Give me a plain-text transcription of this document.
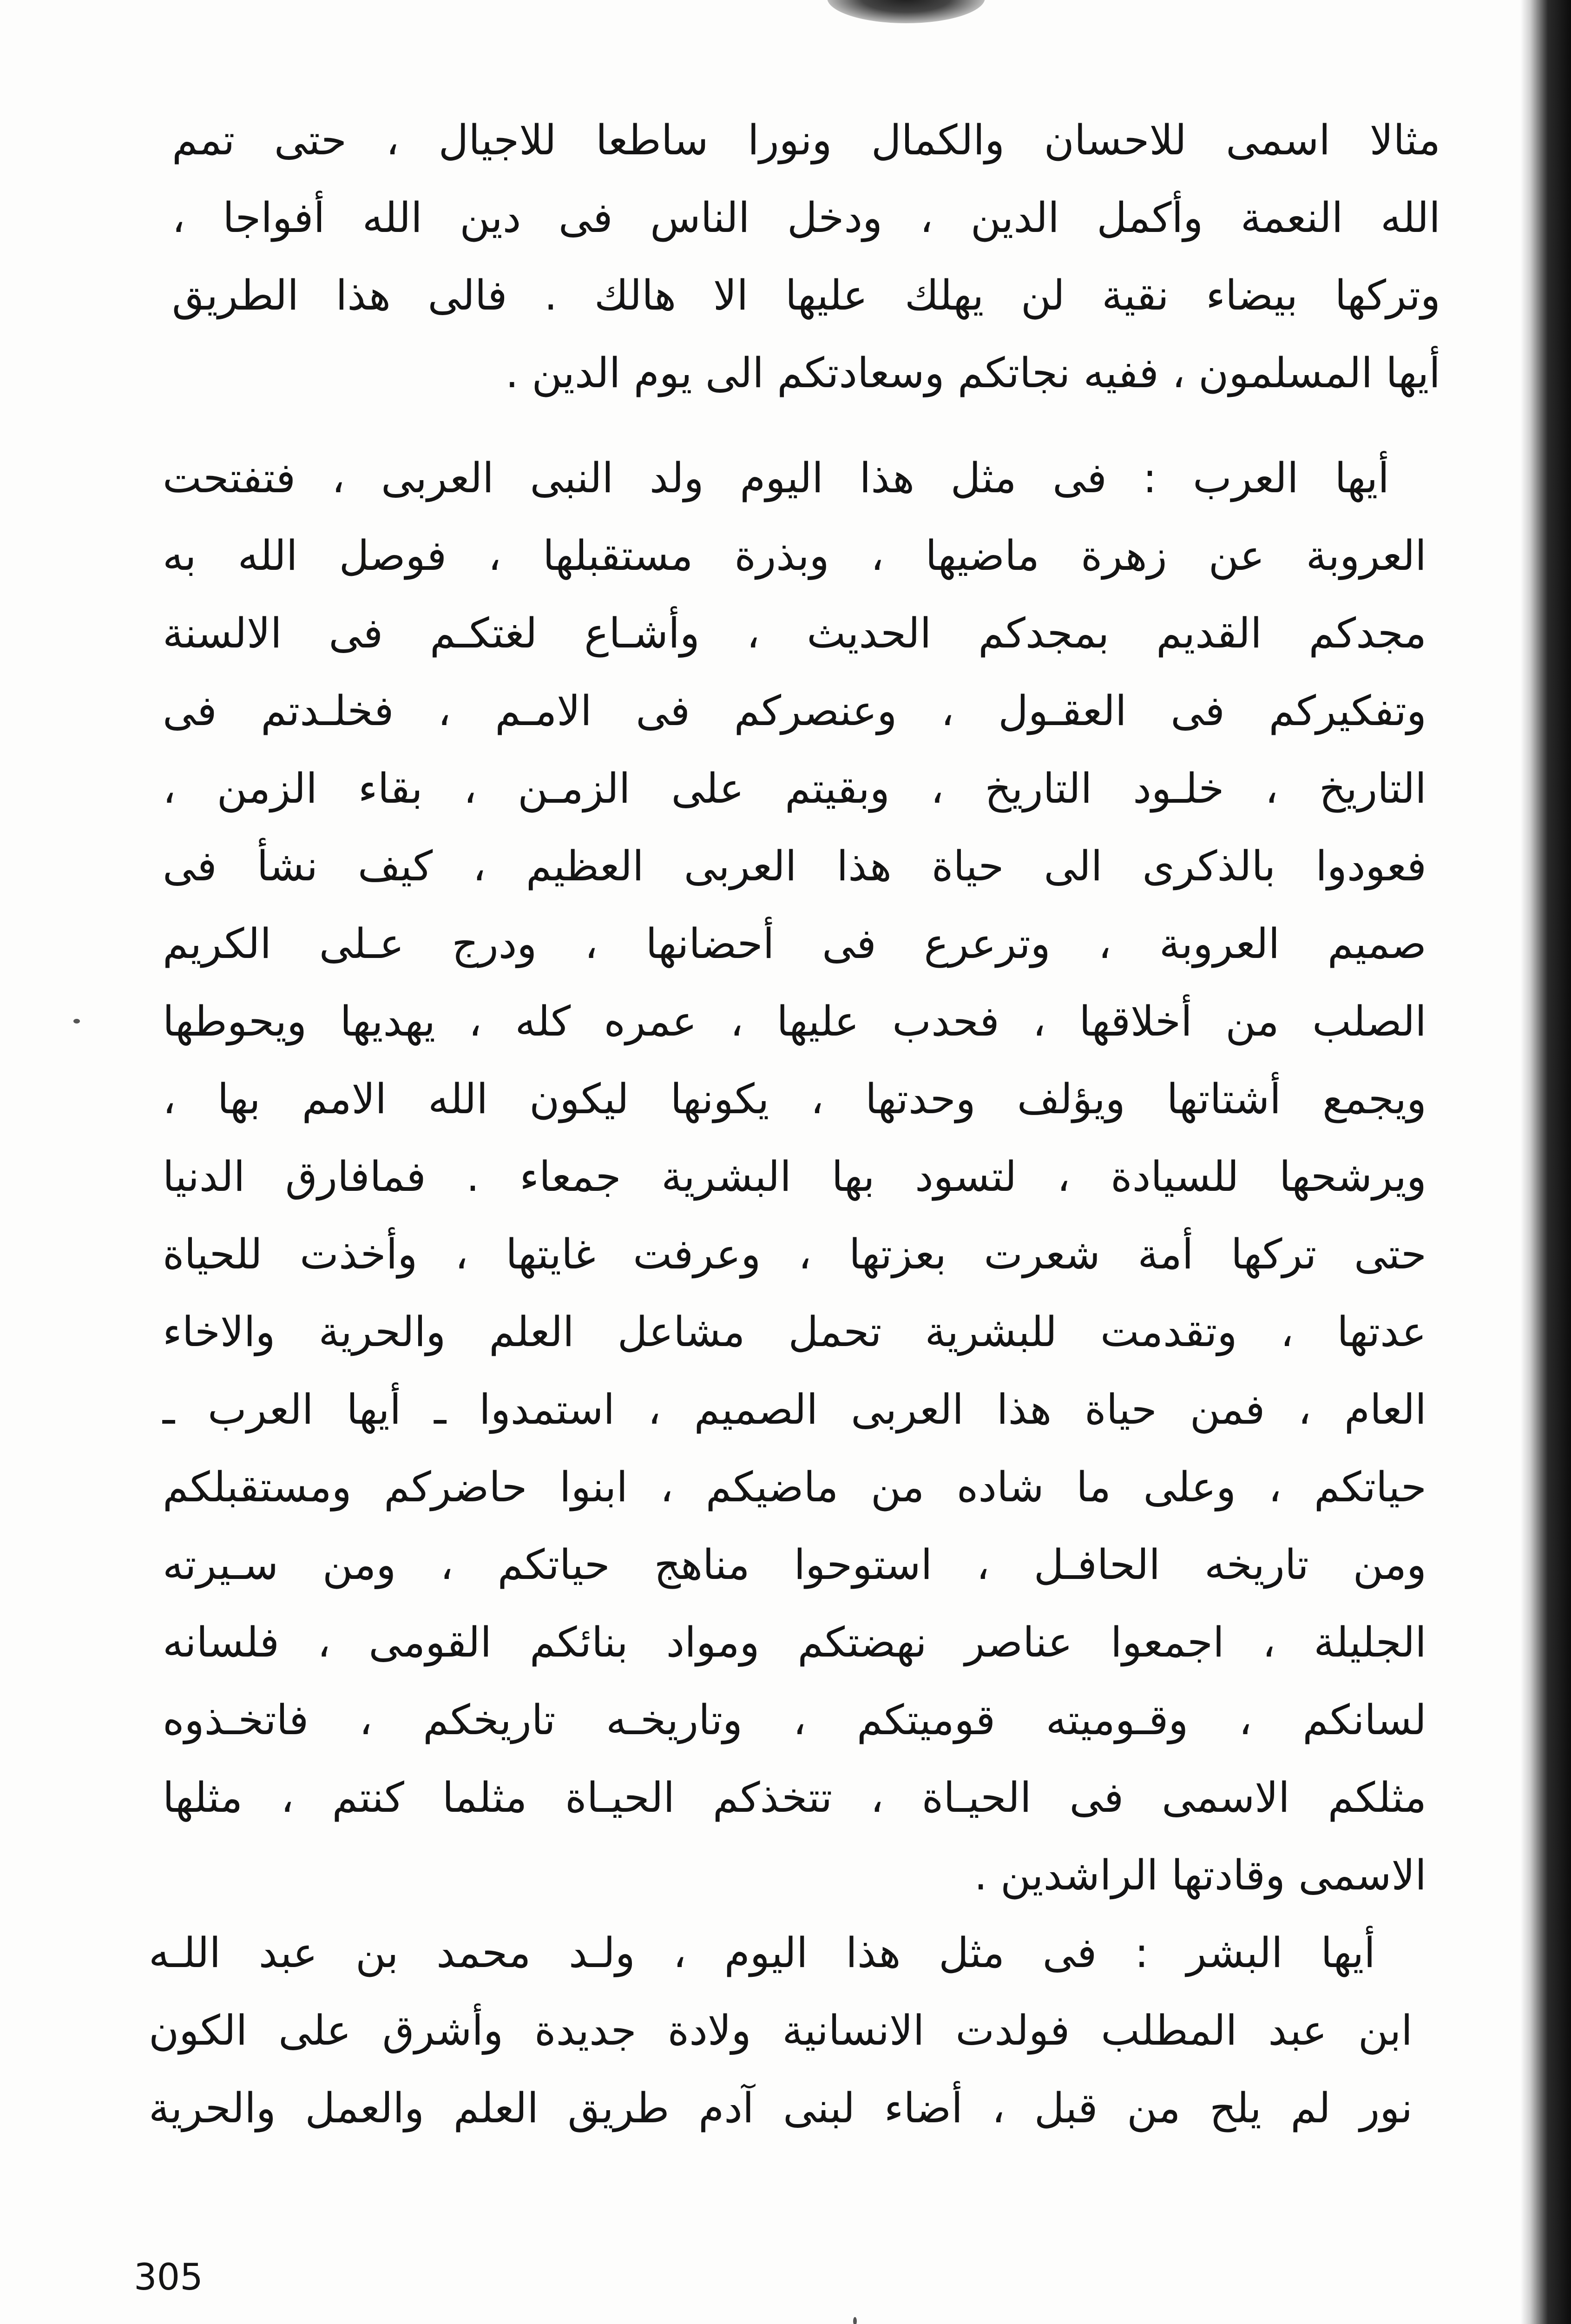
مثالا اسمى للاحسان والكمال ونورا ساطعا للاجيال ، حتى تمم
الله النعمة وأكمل الدين ، ودخل الناس فى دين الله أفواجا ،
وتركها بيضاء نقية لن يهلك عليها الا هالك . فالى هذا الطريق
أيها المسلمون ، ففيه نجاتكم وسعادتكم الى يوم الدين .

أيها العرب : فى مثل هذا اليوم ولد النبى العربى ، فتفتحت
العروبة عن زهرة ماضيها ، وبذرة مستقبلها ، فوصل الله به
مجدكم القديم بمجدكم الحديث ، وأشـاع لغتكـم فى الالسنة
وتفكيركم فى العقـول ، وعنصركم فى الامـم ، فخلـدتم فى
التاريخ ، خلـود التاريخ ، وبقيتم على الزمـن ، بقاء الزمن ،
فعودوا بالذكرى الى حياة هذا العربى العظيم ، كيف نشأ فى
صميم العروبة ، وترعرع فى أحضانها ، ودرج عـلى الكريم
الصلب من أخلاقها ، فحدب عليها ، عمره كله ، يهديها ويحوطها
ويجمع أشتاتها ويؤلف وحدتها ، يكونها ليكون الله الامم بها ،
ويرشحها للسيادة ، لتسود بها البشرية جمعاء . فمافارق الدنيا
حتى تركها أمة شعرت بعزتها ، وعرفت غايتها ، وأخذت للحياة
عدتها ، وتقدمت للبشرية تحمل مشاعل العلم والحرية والاخاء
العام ، فمن حياة هذا العربى الصميم ، استمدوا ـ أيها العرب ـ
حياتكم ، وعلى ما شاده من ماضيكم ، ابنوا حاضركم ومستقبلكم
ومن تاريخه الحافـل ، استوحوا مناهج حياتكم ، ومن سـيرته
الجليلة ، اجمعوا عناصر نهضتكم ومواد بنائكم القومى ، فلسانه
لسانكم ، وقـوميته قوميتكم ، وتاريخـه تاريخكم ، فاتخـذوه
مثلكم الاسمى فى الحيـاة ، تتخذكم الحيـاة مثلما كنتم ، مثلها
الاسمى وقادتها الراشدين .

أيها البشر : فى مثل هذا اليوم ، ولـد محمد بن عبد اللـه
ابن عبد المطلب فولدت الانسانية ولادة جديدة وأشرق على الكون
نور لم يلح من قبل ، أضاء لبنى آدم طريق العلم والعمل والحرية

305
